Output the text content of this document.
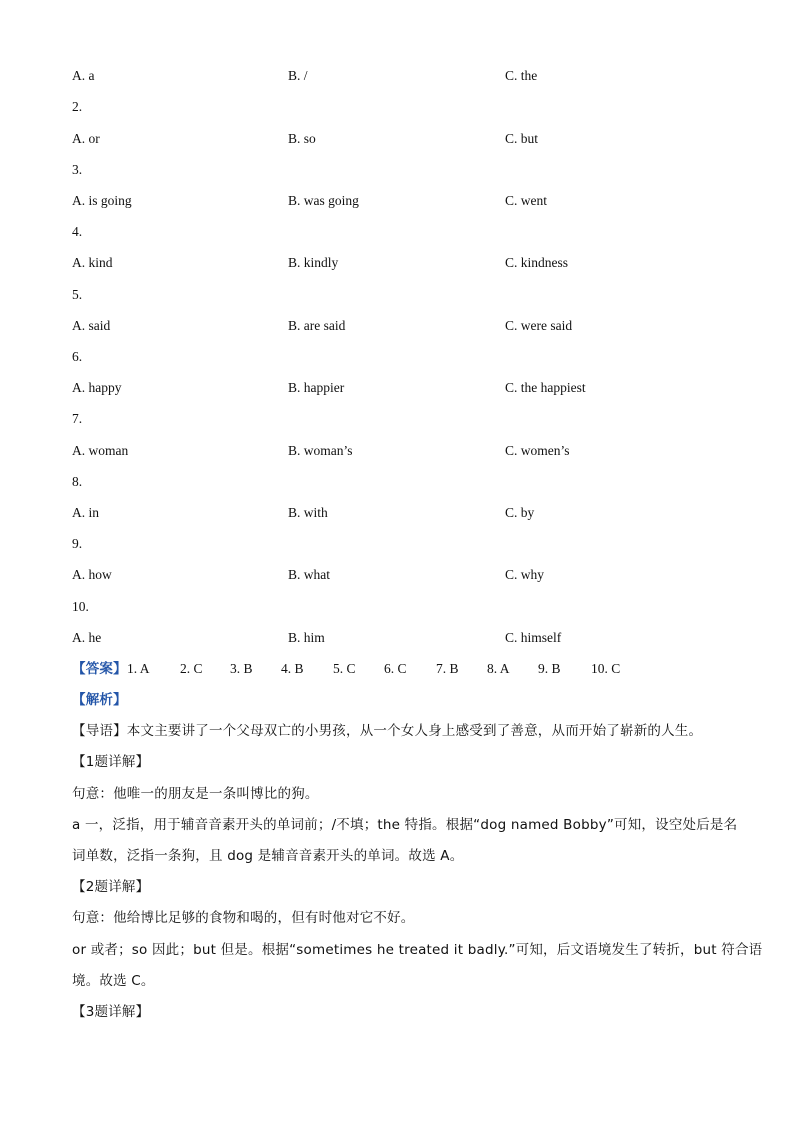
A. a	B. /	C. the
2.
A. or	B. so	C. but
3.
A. is going	B. was going	C. went
4.
A. kind	B. kindly	C. kindness
5.
A. said	B. are said	C. were said
6.
A. happy	B. happier	C. the happiest
7.
A. woman	B. woman’s	C. women’s
8.
A. in	B. with	C. by
9.
A. how	B. what	C. why
10.
A. he	B. him	C. himself
【答案】 1. A 2. C 3. B 4. B 5. C 6. C 7. B 8. A 9. B 10. C
【解析】
【导语】本文主要讲了一个父母双亡的小男孩，从一个女人身上感受到了善意，从而开始了崭新的人生。
【1题详解】
句意：他唯一的朋友是一条叫博比的狗。
a 一，泛指，用于辅音音素开头的单词前；/不填；the 特指。根据“dog named Bobby”可知，设空处后是名
词单数，泛指一条狗，且 dog 是辅音音素开头的单词。故选 A。
【2题详解】
句意：他给博比足够的食物和喝的，但有时他对它不好。
or 或者；so 因此；but 但是。根据“sometimes he treated it badly.”可知，后文语境发生了转折，but 符合语
境。故选 C。
【3题详解】
